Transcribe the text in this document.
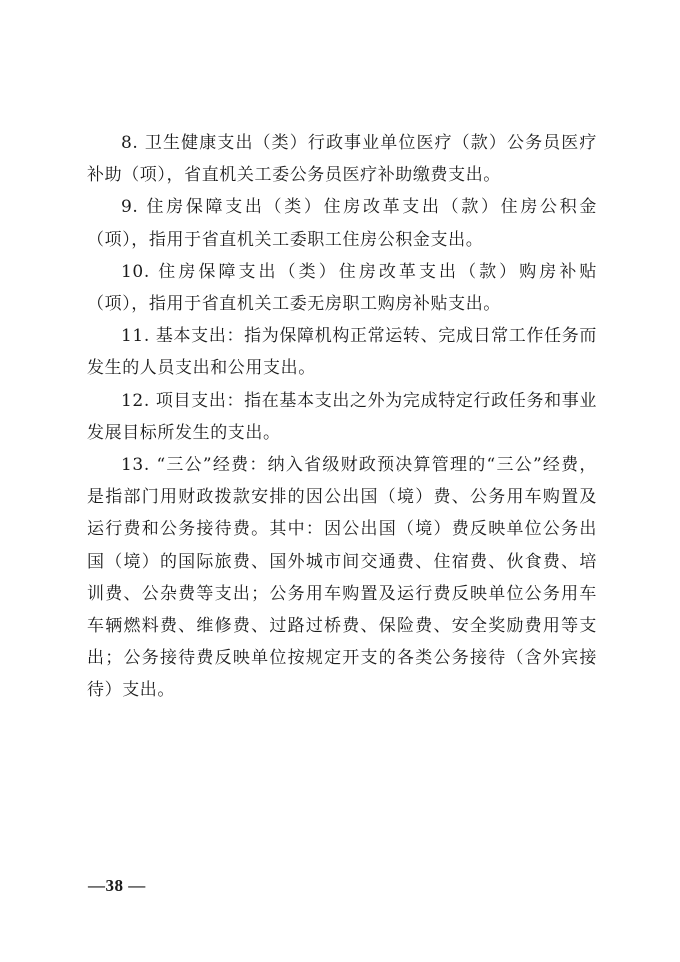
8. 卫生健康支出（类）行政事业单位医疗（款）公务员医疗补助（项），省直机关工委公务员医疗补助缴费支出。

9. 住房保障支出（类）住房改革支出（款）住房公积金（项），指用于省直机关工委职工住房公积金支出。

10. 住房保障支出（类）住房改革支出（款）购房补贴（项），指用于省直机关工委无房职工购房补贴支出。

11. 基本支出：指为保障机构正常运转、完成日常工作任务而发生的人员支出和公用支出。

12. 项目支出：指在基本支出之外为完成特定行政任务和事业发展目标所发生的支出。

13. “三公”经费：纳入省级财政预决算管理的“三公”经费，是指部门用财政拨款安排的因公出国（境）费、公务用车购置及运行费和公务接待费。其中：因公出国（境）费反映单位公务出国（境）的国际旅费、国外城市间交通费、住宿费、伙食费、培训费、公杂费等支出；公务用车购置及运行费反映单位公务用车车辆燃料费、维修费、过路过桥费、保险费、安全奖励费用等支出；公务接待费反映单位按规定开支的各类公务接待（含外宾接待）支出。

—38 —
